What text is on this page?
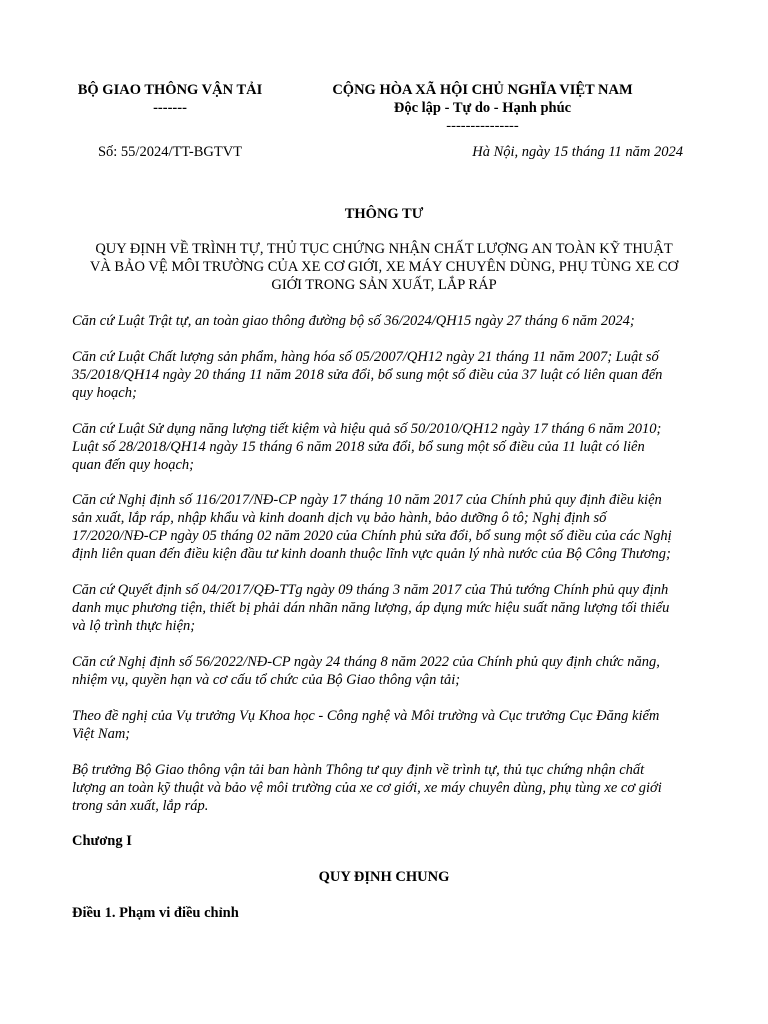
BỘ GIAO THÔNG VẬN TẢI
-------
CỘNG HÒA XÃ HỘI CHỦ NGHĨA VIỆT NAM
Độc lập - Tự do - Hạnh phúc
---------------
Số: 55/2024/TT-BGTVT	Hà Nội, ngày 15 tháng 11 năm 2024
THÔNG TƯ
QUY ĐỊNH VỀ TRÌNH TỰ, THỦ TỤC CHỨNG NHẬN CHẤT LƯỢNG AN TOÀN KỸ THUẬT
VÀ BẢO VỆ MÔI TRƯỜNG CỦA XE CƠ GIỚI, XE MÁY CHUYÊN DÙNG, PHỤ TÙNG XE CƠ
GIỚI TRONG SẢN XUẤT, LẮP RÁP
Căn cứ Luật Trật tự, an toàn giao thông đường bộ số 36/2024/QH15 ngày 27 tháng 6 năm 2024;
Căn cứ Luật Chất lượng sản phẩm, hàng hóa số 05/2007/QH12 ngày 21 tháng 11 năm 2007; Luật số
35/2018/QH14 ngày 20 tháng 11 năm 2018 sửa đổi, bổ sung một số điều của 37 luật có liên quan đến
quy hoạch;
Căn cứ Luật Sử dụng năng lượng tiết kiệm và hiệu quả số 50/2010/QH12 ngày 17 tháng 6 năm 2010;
Luật số 28/2018/QH14 ngày 15 tháng 6 năm 2018 sửa đổi, bổ sung một số điều của 11 luật có liên
quan đến quy hoạch;
Căn cứ Nghị định số 116/2017/NĐ-CP ngày 17 tháng 10 năm 2017 của Chính phủ quy định điều kiện
sản xuất, lắp ráp, nhập khẩu và kinh doanh dịch vụ bảo hành, bảo dưỡng ô tô; Nghị định số
17/2020/NĐ-CP ngày 05 tháng 02 năm 2020 của Chính phủ sửa đổi, bổ sung một số điều của các Nghị
định liên quan đến điều kiện đầu tư kinh doanh thuộc lĩnh vực quản lý nhà nước của Bộ Công Thương;
Căn cứ Quyết định số 04/2017/QĐ-TTg ngày 09 tháng 3 năm 2017 của Thủ tướng Chính phủ quy định
danh mục phương tiện, thiết bị phải dán nhãn năng lượng, áp dụng mức hiệu suất năng lượng tối thiểu
và lộ trình thực hiện;
Căn cứ Nghị định số 56/2022/NĐ-CP ngày 24 tháng 8 năm 2022 của Chính phủ quy định chức năng,
nhiệm vụ, quyền hạn và cơ cấu tổ chức của Bộ Giao thông vận tải;
Theo đề nghị của Vụ trưởng Vụ Khoa học - Công nghệ và Môi trường và Cục trưởng Cục Đăng kiểm
Việt Nam;
Bộ trưởng Bộ Giao thông vận tải ban hành Thông tư quy định về trình tự, thủ tục chứng nhận chất
lượng an toàn kỹ thuật và bảo vệ môi trường của xe cơ giới, xe máy chuyên dùng, phụ tùng xe cơ giới
trong sản xuất, lắp ráp.
Chương I
QUY ĐỊNH CHUNG
Điều 1. Phạm vi điều chỉnh
